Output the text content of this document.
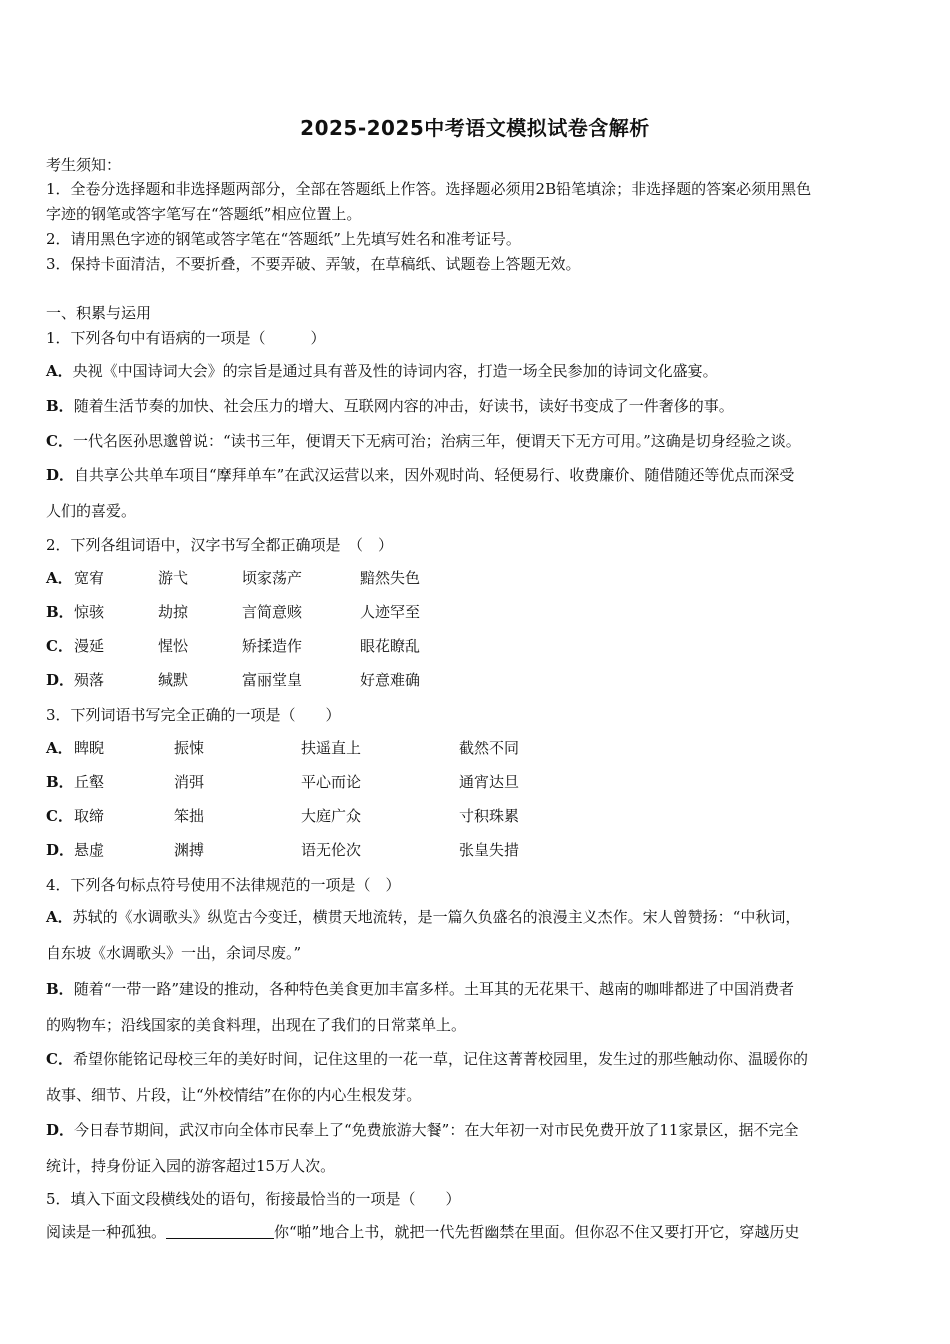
2025-2025中考语文模拟试卷含解析
考生须知：
1．全卷分选择题和非选择题两部分，全部在答题纸上作答。选择题必须用2B铅笔填涂；非选择题的答案必须用黑色
字迹的钢笔或答字笔写在“答题纸”相应位置上。
2．请用黑色字迹的钢笔或答字笔在“答题纸”上先填写姓名和准考证号。
3．保持卡面清洁，不要折叠，不要弄破、弄皱，在草稿纸、试题卷上答题无效。
一、积累与运用
1．下列各句中有语病的一项是（　　　）
A．央视《中国诗词大会》的宗旨是通过具有普及性的诗词内容，打造一场全民参加的诗词文化盛宴。
B．随着生活节奏的加快、社会压力的增大、互联网内容的冲击，好读书，读好书变成了一件奢侈的事。
C．一代名医孙思邈曾说：“读书三年，便谓天下无病可治；治病三年，便谓天下无方可用。”这确是切身经验之谈。
D．自共享公共单车项目“摩拜单车”在武汉运营以来，因外观时尚、轻便易行、收费廉价、随借随还等优点而深受
人们的喜爱。
2．下列各组词语中，汉字书写全都正确项是　（　）
A． 宽宥	游弋	顷家荡产	黯然失色
B． 惊骇	劫掠	言简意赅	人迹罕至
C． 漫延	惺忪	矫揉造作	眼花瞭乱
D． 殒落	缄默	富丽堂皇	好意难确
3．下列词语书写完全正确的一项是（　　）
A． 睥睨	振悚	扶遥直上	截然不同
B． 丘壑	消弭	平心而论	通宵达旦
C． 取缔	笨拙	大庭广众	寸积珠累
D． 悬虚	渊搏	语无伦次	张皇失措
4．下列各句标点符号使用不法律规范的一项是（　）
A．苏轼的《水调歌头》纵览古今变迁，横贯天地流转，是一篇久负盛名的浪漫主义杰作。宋人曾赞扬：“中秋词，
自东坡《水调歌头》一出，余词尽废。”
B．随着“一带一路”建设的推动，各种特色美食更加丰富多样。土耳其的无花果干、越南的咖啡都进了中国消费者
的购物车；沿线国家的美食料理，出现在了我们的日常菜单上。
C．希望你能铭记母校三年的美好时间，记住这里的一花一草，记住这菁菁校园里，发生过的那些触动你、温暖你的
故事、细节、片段，让“外校情结”在你的内心生根发芽。
D．今日春节期间，武汉市向全体市民奉上了“免费旅游大餐”：在大年初一对市民免费开放了11家景区，据不完全
统计，持身份证入园的游客超过15万人次。
5．填入下面文段横线处的语句，衔接最恰当的一项是（　　）
阅读是一种孤独。	你“啪”地合上书，就把一代先哲幽禁在里面。但你忍不住又要打开它，穿越历史
